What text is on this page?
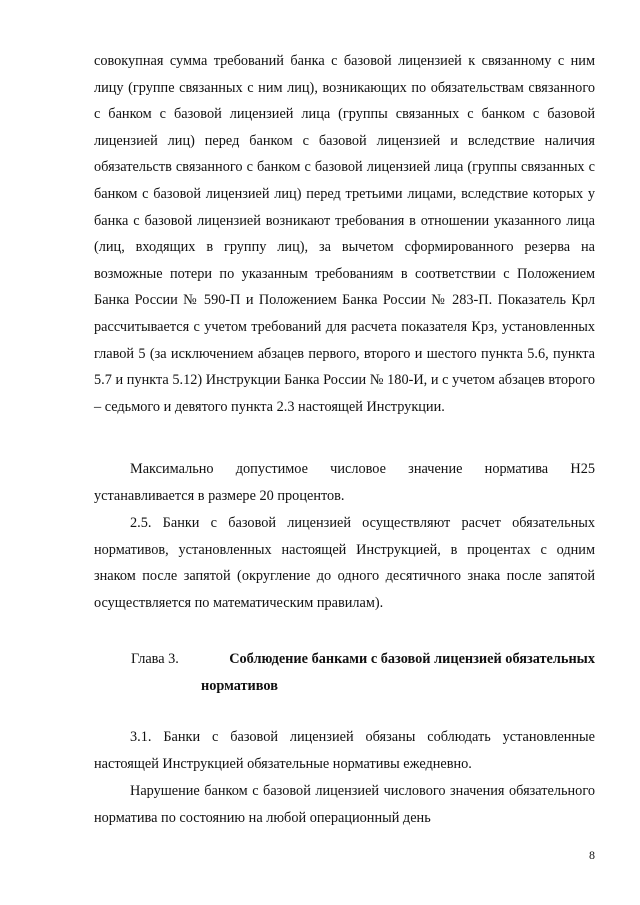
совокупная сумма требований банка с базовой лицензией к связанному с ним лицу (группе связанных с ним лиц), возникающих по обязательствам связанного с банком с базовой лицензией лица (группы связанных с банком с базовой лицензией лиц) перед банком с базовой лицензией и вследствие наличия обязательств связанного с банком с базовой лицензией лица (группы связанных с банком с базовой лицензией лиц) перед третьими лицами, вследствие которых у банка с базовой лицензией возникают требования в отношении указанного лица (лиц, входящих в группу лиц), за вычетом сформированного резерва на возможные потери по указанным требованиям в соответствии с Положением Банка России № 590-П и Положением Банка России № 283-П. Показатель Крл рассчитывается с учетом требований для расчета показателя Крз, установленных главой 5 (за исключением абзацев первого, второго и шестого пункта 5.6, пункта 5.7 и пункта 5.12) Инструкции Банка России № 180-И, и с учетом абзацев второго – седьмого и девятого пункта 2.3 настоящей Инструкции.

Максимально допустимое числовое значение норматива Н25 устанавливается в размере 20 процентов.

2.5. Банки с базовой лицензией осуществляют расчет обязательных нормативов, установленных настоящей Инструкцией, в процентах с одним знаком после запятой (округление до одного десятичного знака после запятой осуществляется по математическим правилам).

Глава 3.	Соблюдение банками с базовой лицензией обязательных
нормативов

3.1. Банки с базовой лицензией обязаны соблюдать установленные настоящей Инструкцией обязательные нормативы ежедневно.

Нарушение банком с базовой лицензией числового значения обязательного норматива по состоянию на любой операционный день

8
